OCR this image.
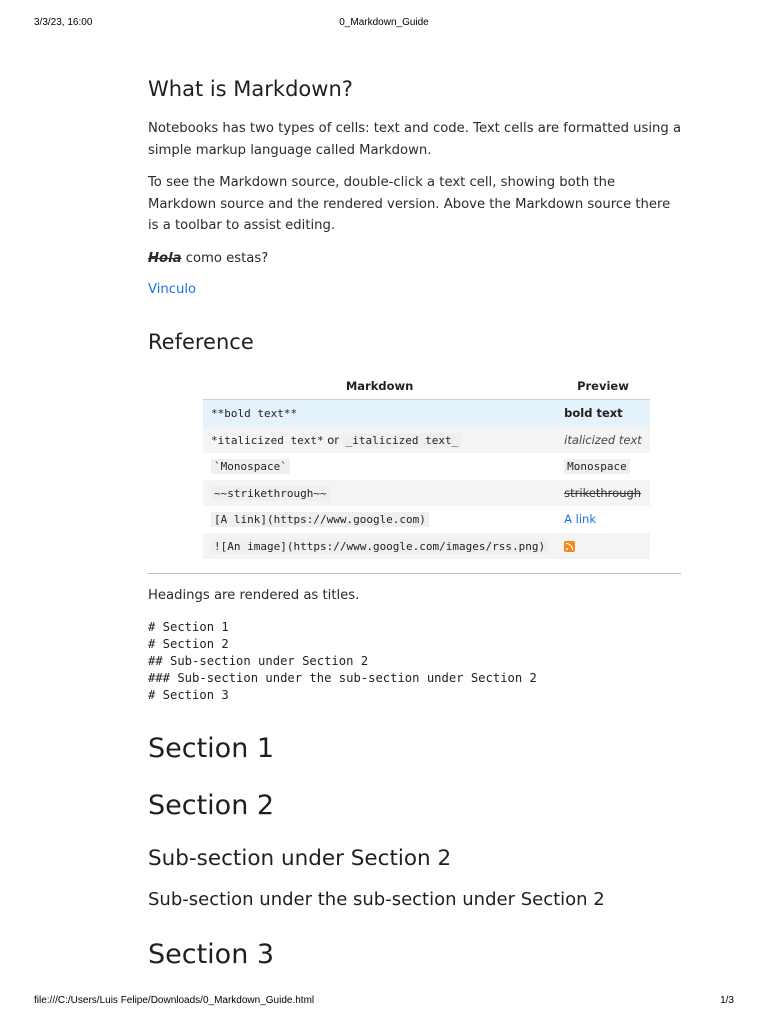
3/3/23, 16:00	0_Markdown_Guide
What is Markdown?
Notebooks has two types of cells: text and code. Text cells are formatted using a simple markup language called Markdown.
To see the Markdown source, double-click a text cell, showing both the Markdown source and the rendered version. Above the Markdown source there is a toolbar to assist editing.
Hola como estas?
Vinculo
Reference
Markdown	Preview
**bold text**	bold text
*italicized text* or _italicized text_	italicized text
`Monospace`	Monospace
~~strikethrough~~	strikethrough
[A link](https://www.google.com)	A link
![An image](https://www.google.com/images/rss.png)	
Headings are rendered as titles.
# Section 1
# Section 2
## Sub-section under Section 2
### Sub-section under the sub-section under Section 2
# Section 3
Section 1
Section 2
Sub-section under Section 2
Sub-section under the sub-section under Section 2
Section 3
file:///C:/Users/Luis Felipe/Downloads/0_Markdown_Guide.html	1/3
